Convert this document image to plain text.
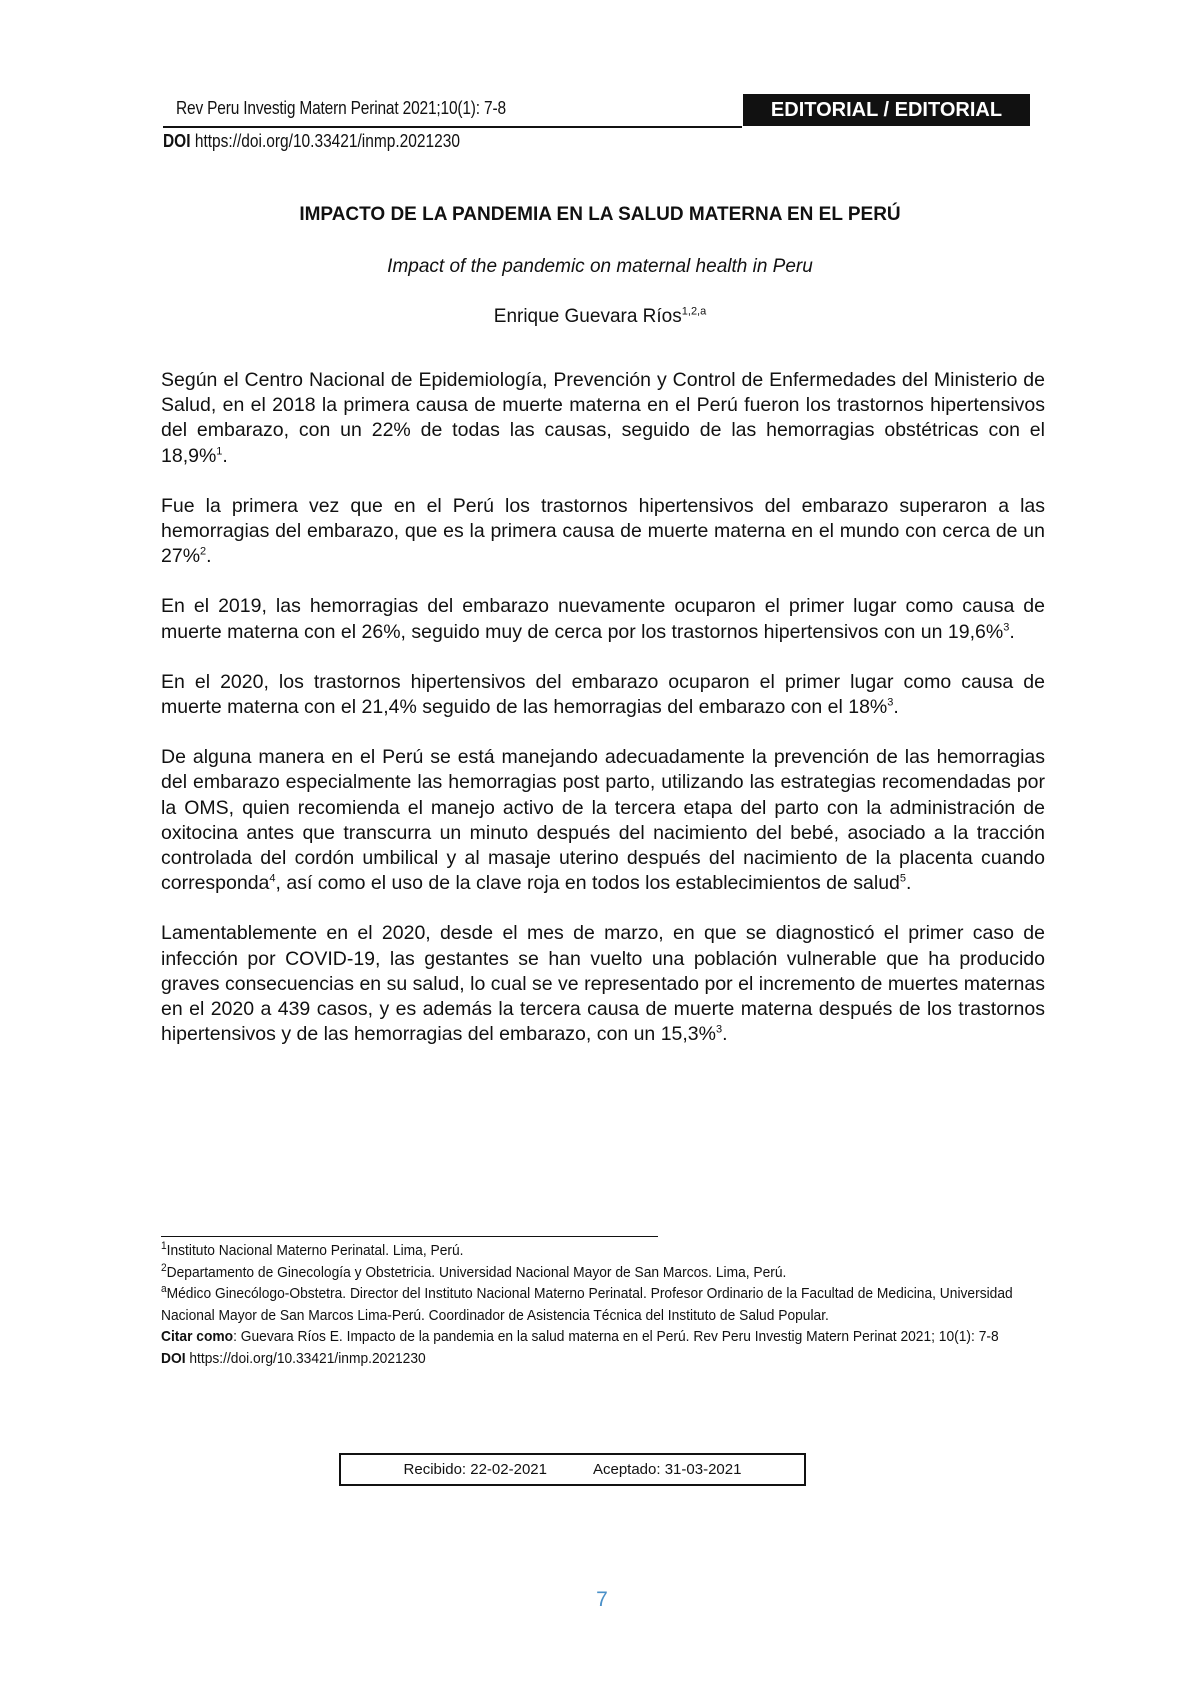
Rev Peru Investig Matern Perinat 2021;10(1): 7-8	EDITORIAL / EDITORIAL
DOI https://doi.org/10.33421/inmp.2021230
IMPACTO DE LA PANDEMIA EN LA SALUD MATERNA EN EL PERÚ
Impact of the pandemic on maternal health in Peru
Enrique Guevara Ríos$^{1,2,a}$

Según el Centro Nacional de Epidemiología, Prevención y Control de Enfermedades del Ministerio de Salud, en el 2018 la primera causa de muerte materna en el Perú fueron los trastornos hipertensivos del embarazo, con un 22% de todas las causas, seguido de las hemorragias obstétricas con el 18,9%$^1$.

Fue la primera vez que en el Perú los trastornos hipertensivos del embarazo superaron a las hemorragias del embarazo, que es la primera causa de muerte materna en el mundo con cerca de un 27%$^2$.

En el 2019, las hemorragias del embarazo nuevamente ocuparon el primer lugar como causa de muerte materna con el 26%, seguido muy de cerca por los trastornos hipertensivos con un 19,6%$^3$.

En el 2020, los trastornos hipertensivos del embarazo ocuparon el primer lugar como causa de muerte materna con el 21,4% seguido de las hemorragias del embarazo con el 18%$^3$.

De alguna manera en el Perú se está manejando adecuadamente la prevención de las hemorragias del embarazo especialmente las hemorragias post parto, utilizando las estrategias recomendadas por la OMS, quien recomienda el manejo activo de la tercera etapa del parto con la administración de oxitocina antes que transcurra un minuto después del nacimiento del bebé, asociado a la tracción controlada del cordón umbilical y al masaje uterino después del nacimiento de la placenta cuando corresponda$^4$, así como el uso de la clave roja en todos los establecimientos de salud$^5$.

Lamentablemente en el 2020, desde el mes de marzo, en que se diagnosticó el primer caso de infección por COVID-19, las gestantes se han vuelto una población vulnerable que ha producido graves consecuencias en su salud, lo cual se ve representado por el incremento de muertes maternas en el 2020 a 439 casos, y es además la tercera causa de muerte materna después de los trastornos hipertensivos y de las hemorragias del embarazo, con un 15,3%$^3$.

$^1$Instituto Nacional Materno Perinatal. Lima, Perú.
$^2$Departamento de Ginecología y Obstetricia. Universidad Nacional Mayor de San Marcos. Lima, Perú.
$^a$Médico Ginecólogo-Obstetra. Director del Instituto Nacional Materno Perinatal. Profesor Ordinario de la Facultad de Medicina, Universidad Nacional Mayor de San Marcos Lima-Perú. Coordinador de Asistencia Técnica del Instituto de Salud Popular.
Citar como: Guevara Ríos E. Impacto de la pandemia en la salud materna en el Perú. Rev Peru Investig Matern Perinat 2021; 10(1): 7-8
DOI https://doi.org/10.33421/inmp.2021230
Recibido: 22-02-2021	Aceptado: 31-03-2021
7
